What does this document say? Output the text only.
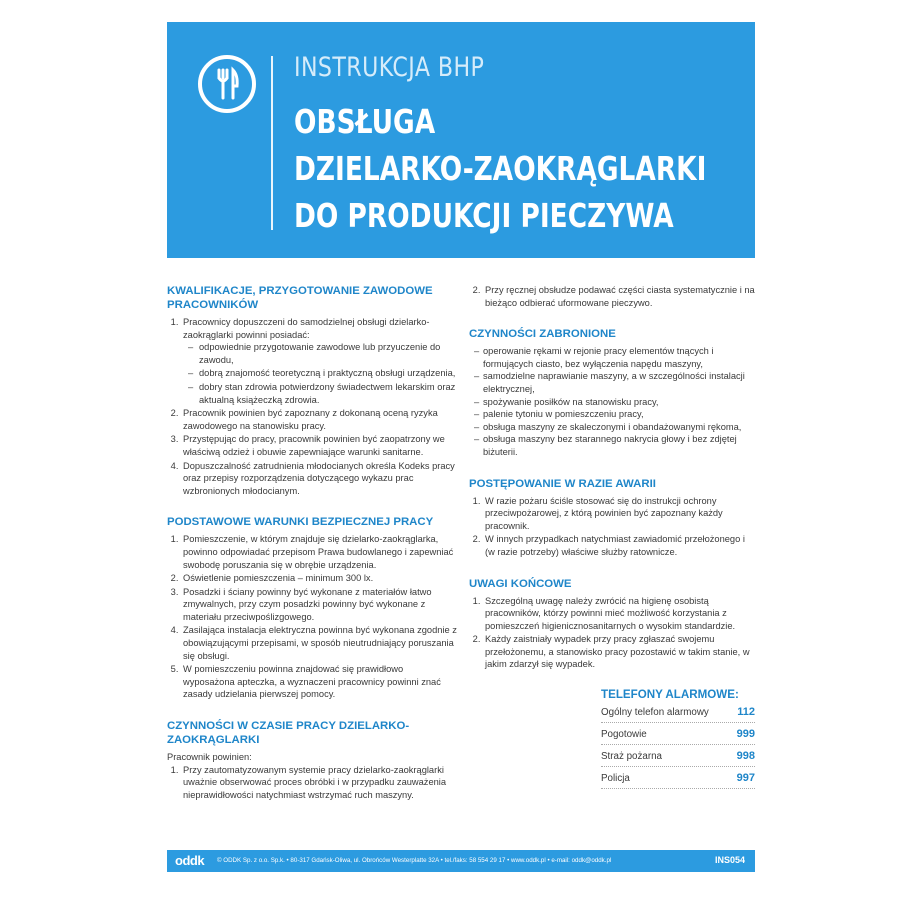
INSTRUKCJA BHP
OBSŁUGA
DZIELARKO-ZAOKRĄGLARKI
DO PRODUKCJI PIECZYWA
KWALIFIKACJE, PRZYGOTOWANIE ZAWODOWE PRACOWNIKÓW
1. Pracownicy dopuszczeni do samodzielnej obsługi dzielarko-zaokrąglarki powinni posiadać:
– odpowiednie przygotowanie zawodowe lub przyuczenie do zawodu,
– dobrą znajomość teoretyczną i praktyczną obsługi urządzenia,
– dobry stan zdrowia potwierdzony świadectwem lekarskim oraz aktualną książeczką zdrowia.
2. Pracownik powinien być zapoznany z dokonaną oceną ryzyka zawodowego na stanowisku pracy.
3. Przystępując do pracy, pracownik powinien być zaopatrzony we właściwą odzież i obuwie zapewniające warunki sanitarne.
4. Dopuszczalność zatrudnienia młodocianych określa Kodeks pracy oraz przepisy rozporządzenia dotyczącego wykazu prac wzbronionych młodocianym.
PODSTAWOWE WARUNKI BEZPIECZNEJ PRACY
1. Pomieszczenie, w którym znajduje się dzielarko-zaokrąglarka, powinno odpowiadać przepisom Prawa budowlanego i zapewniać swobodę poruszania się w obrębie urządzenia.
2. Oświetlenie pomieszczenia – minimum 300 lx.
3. Posadzki i ściany powinny być wykonane z materiałów łatwo zmywalnych, przy czym posadzki powinny być wykonane z materiału przeciwpoślizgowego.
4. Zasilająca instalacja elektryczna powinna być wykonana zgodnie z obowiązującymi przepisami, w sposób nieutrudniający poruszania się obsługi.
5. W pomieszczeniu powinna znajdować się prawidłowo wyposażona apteczka, a wyznaczeni pracownicy powinni znać zasady udzielania pierwszej pomocy.
CZYNNOŚCI W CZASIE PRACY DZIELARKO-ZAOKRĄGLARKI

Pracownik powinien:

1. Przy zautomatyzowanym systemie pracy dzielarko-zaokrąglarki uważnie obserwować proces obróbki i w przypadku zauważenia nieprawidłowości natychmiast wstrzymać ruch maszyny.
2. Przy ręcznej obsłudze podawać części ciasta systematycznie i na bieżąco odbierać uformowane pieczywo.
CZYNNOŚCI ZABRONIONE
– operowanie rękami w rejonie pracy elementów tnących i formujących ciasto, bez wyłączenia napędu maszyny,
– samodzielne naprawianie maszyny, a w szczególności instalacji elektrycznej,
– spożywanie posiłków na stanowisku pracy,
– palenie tytoniu w pomieszczeniu pracy,
– obsługa maszyny ze skaleczonymi i obandażowanymi rękoma,
– obsługa maszyny bez starannego nakrycia głowy i bez zdjętej biżuterii.
POSTĘPOWANIE W RAZIE AWARII
1. W razie pożaru ściśle stosować się do instrukcji ochrony przeciwpożarowej, z którą powinien być zapoznany każdy pracownik.
2. W innych przypadkach natychmiast zawiadomić przełożonego i (w razie potrzeby) właściwe służby ratownicze.
UWAGI KOŃCOWE
1. Szczególną uwagę należy zwrócić na higienę osobistą pracowników, którzy powinni mieć możliwość korzystania z pomieszczeń higienicznosanitarnych o wysokim standardzie.
2. Każdy zaistniały wypadek przy pracy zgłaszać swojemu przełożonemu, a stanowisko pracy pozostawić w takim stanie, w jakim zdarzył się wypadek.
TELEFONY ALARMOWE:
Ogólny telefon alarmowy	112
Pogotowie	999
Straż pożarna	998
Policja	997
oddk © ODDK Sp. z o.o. Sp.k. • 80-317 Gdańsk-Oliwa, ul. Obrońców Westerplatte 32A • tel./faks: 58 554 29 17 • www.oddk.pl • e-mail: oddk@oddk.pl	INS054
